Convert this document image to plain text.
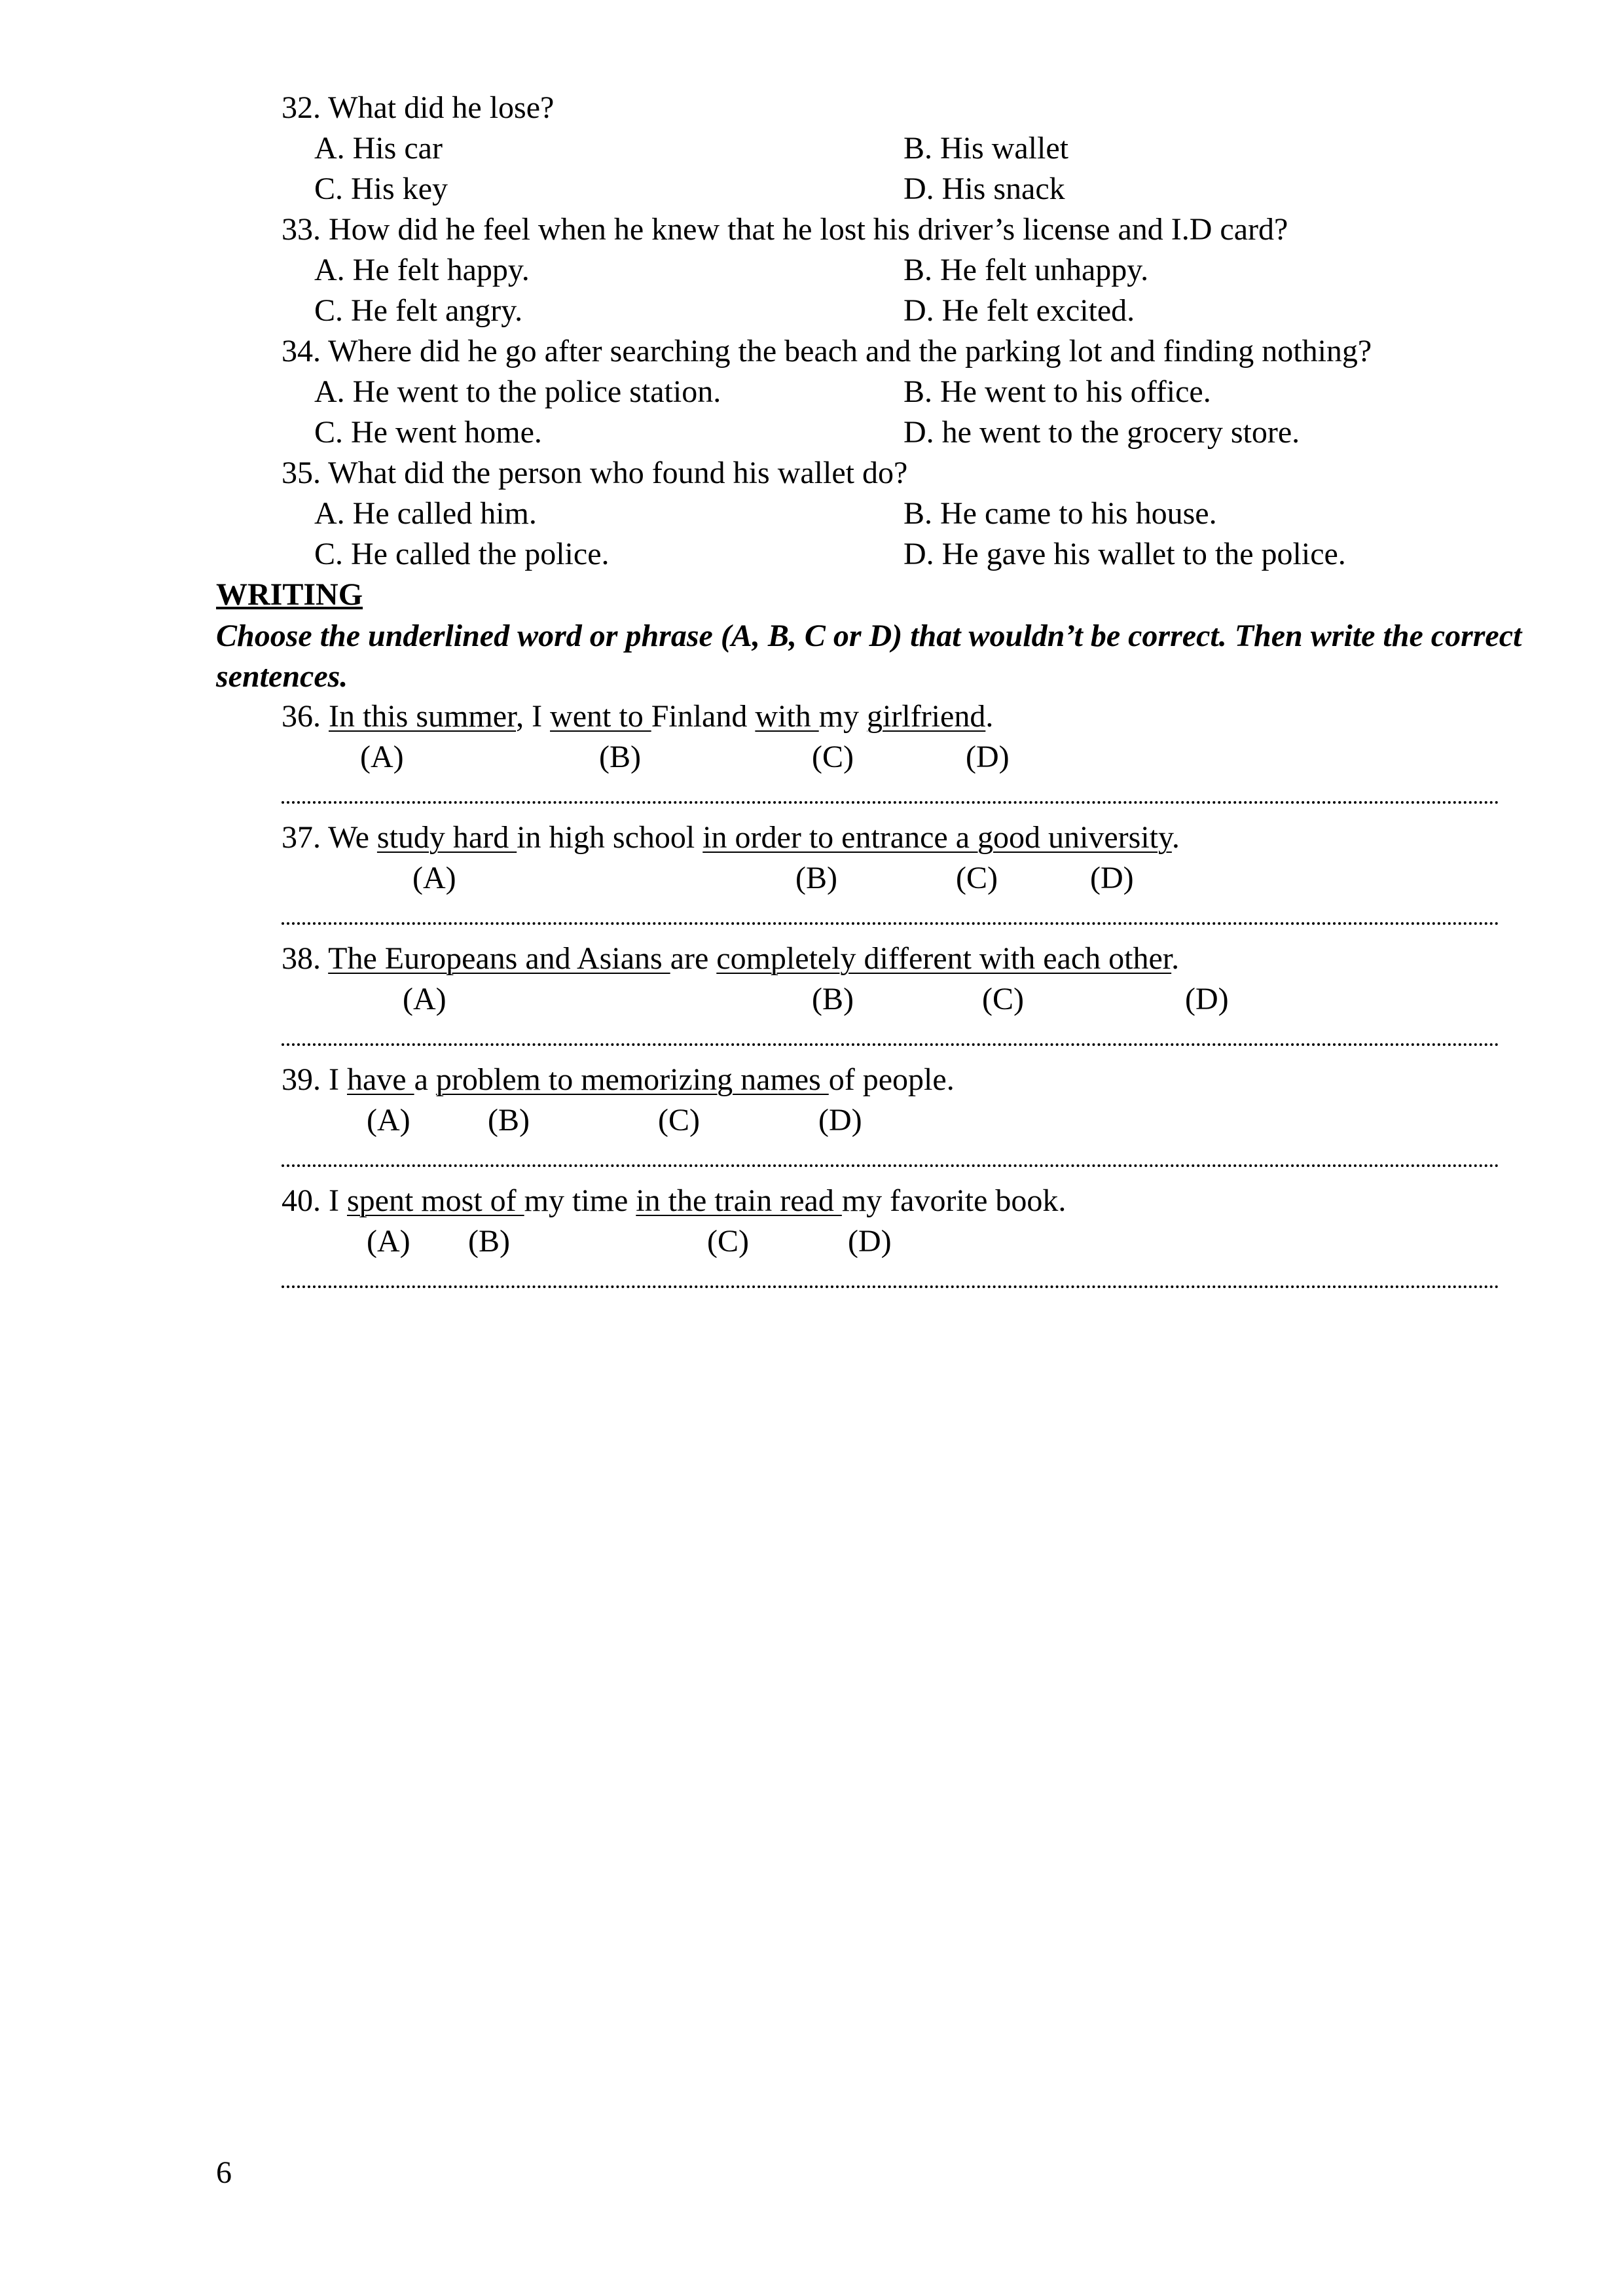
32. What did he lose?
A. His car	B. His wallet
C. His key	D. His snack
33. How did he feel when he knew that he lost his driver’s license and I.D card?
A. He felt happy.	B. He felt unhappy.
C. He felt angry.	D. He felt excited.
34. Where did he go after searching the beach and the parking lot and finding nothing?
A. He went to the police station.	B. He went to his office.
C. He went home.	D. he went to the grocery store.
35. What did the person who found his wallet do?
A. He called him.	B. He came to his house.
C. He called the police.	D. He gave his wallet to the police.
WRITING
Choose the underlined word or phrase (A, B, C or D) that wouldn’t be correct. Then write the correct sentences.
36. In this summer, I went to Finland with my girlfriend.
(A)	(B)	(C)	(D)
37. We study hard in high school in order to entrance a good university.
(A)	(B)	(C)	(D)
38. The Europeans and Asians are completely different with each other.
(A)	(B)	(C)	(D)
39. I have a problem to memorizing names of people.
(A) (B)	(C)	(D)
40. I spent most of my time in the train read my favorite book.
(A) (B)	(C)	(D)
6
